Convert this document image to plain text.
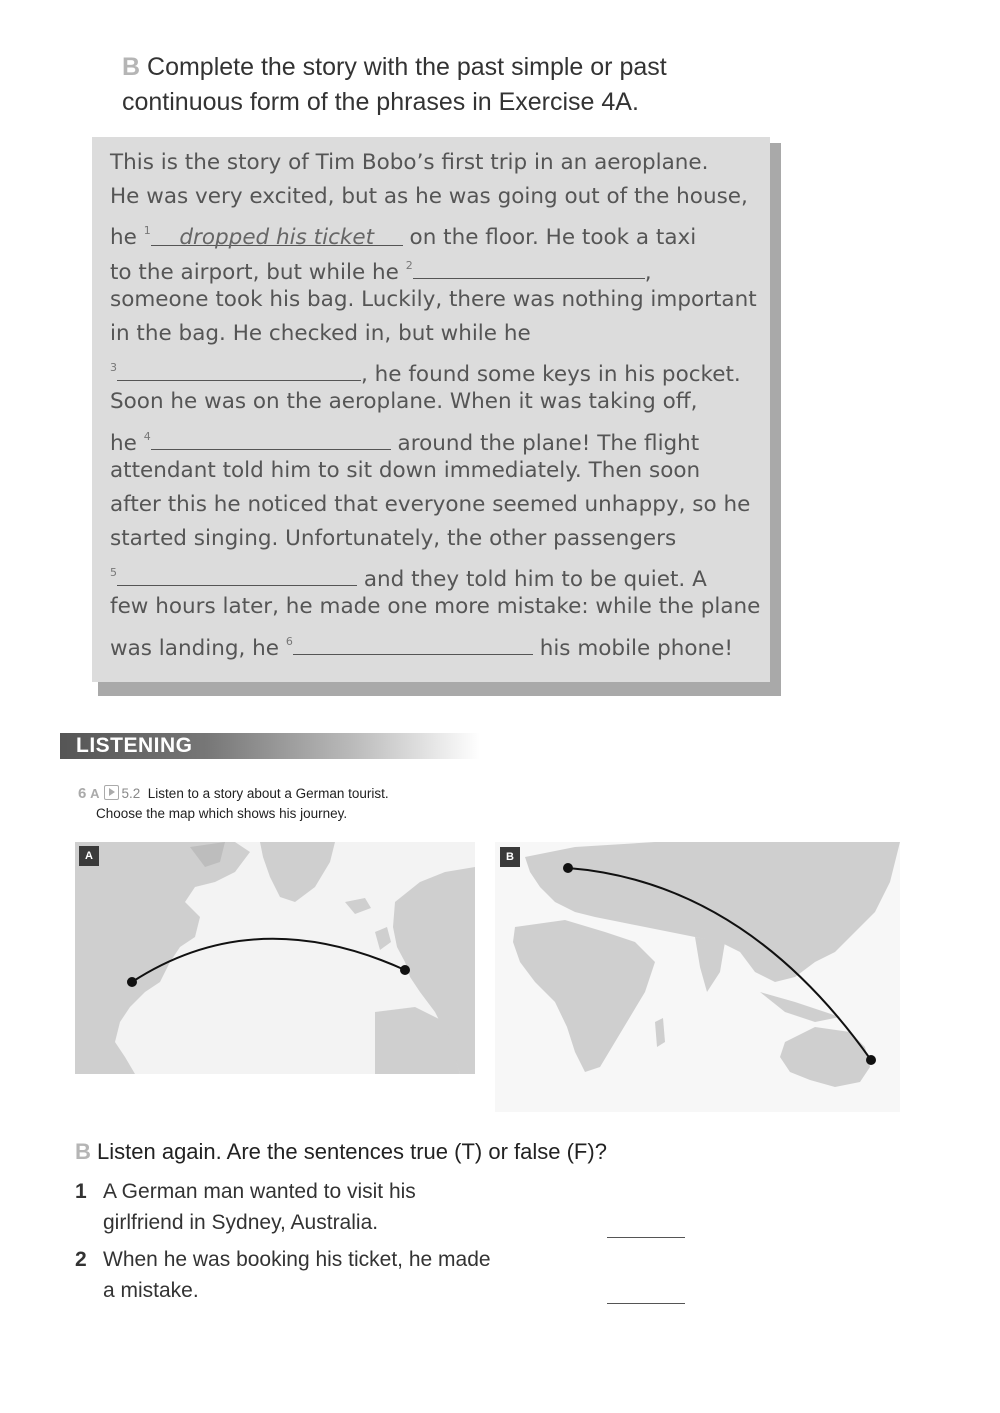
B Complete the story with the past simple or past continuous form of the phrases in Exercise 4A.
This is the story of Tim Bobo’s first trip in an aeroplane.
He was very excited, but as he was going out of the house,
he $^1$ dropped his ticket on the floor. He took a taxi
to the airport, but while he $^2$	,
someone took his bag. Luckily, there was nothing important
in the bag. He checked in, but while he
$^3$	, he found some keys in his pocket.
Soon he was on the aeroplane. When it was taking off,
he $^4$	around the plane! The flight
attendant told him to sit down immediately. Then soon
after this he noticed that everyone seemed unhappy, so he
started singing. Unfortunately, the other passengers
$^5$	and they told him to be quiet. A
few hours later, he made one more mistake: while the plane
was landing, he $^6$	his mobile phone!
LISTENING
6 A 5.2 Listen to a story about a German tourist.
Choose the map which shows his journey.
A	B
B Listen again. Are the sentences true (T) or false (F)?
1 A German man wanted to visit his
girlfriend in Sydney, Australia.
2 When he was booking his ticket, he made
a mistake.
